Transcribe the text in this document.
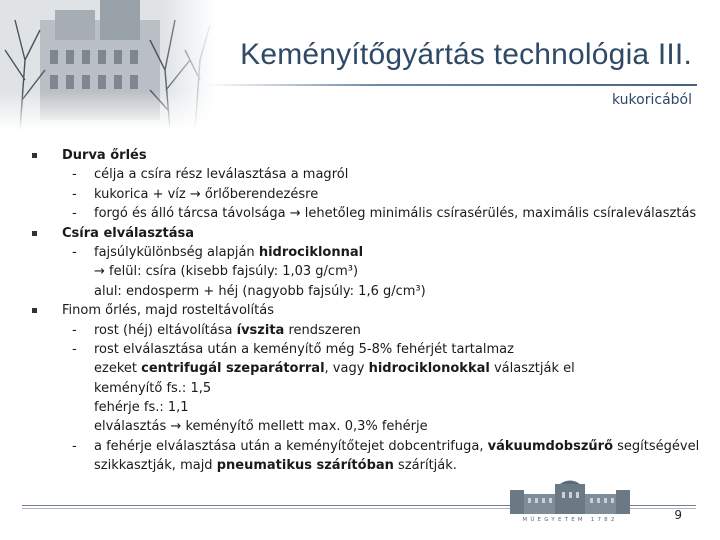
Keményítőgyártás technológia III.
kukoricából
Durva őrlés
- célja a csíra rész leválasztása a magról
- kukorica + víz → őrlőberendezésre
- forgó és álló tárcsa távolsága → lehetőleg minimális csírasérülés, maximális csíraleválasztás
Csíra elválasztása
- fajsúlykülönbség alapján hidrociklonnal
→ felül: csíra (kisebb fajsúly: 1,03 g/cm³)
alul: endosperm + héj (nagyobb fajsúly: 1,6 g/cm³)
Finom őrlés, majd rosteltávolítás
- rost (héj) eltávolítása ívszita rendszeren
- rost elválasztása után a keményítő még 5-8% fehérjét tartalmaz
ezeket centrifugál szeparátorral, vagy hidrociklonokkal választják el
keményítő fs.: 1,5
fehérje fs.: 1,1
elválasztás → keményítő mellett max. 0,3% fehérje
- a fehérje elválasztása után a keményítőtejet dobcentrifuga, vákuumdobszűrő segítségével
szikkasztják, majd pneumatikus szárítóban szárítják.
MŰEGYETEM 1782	9
